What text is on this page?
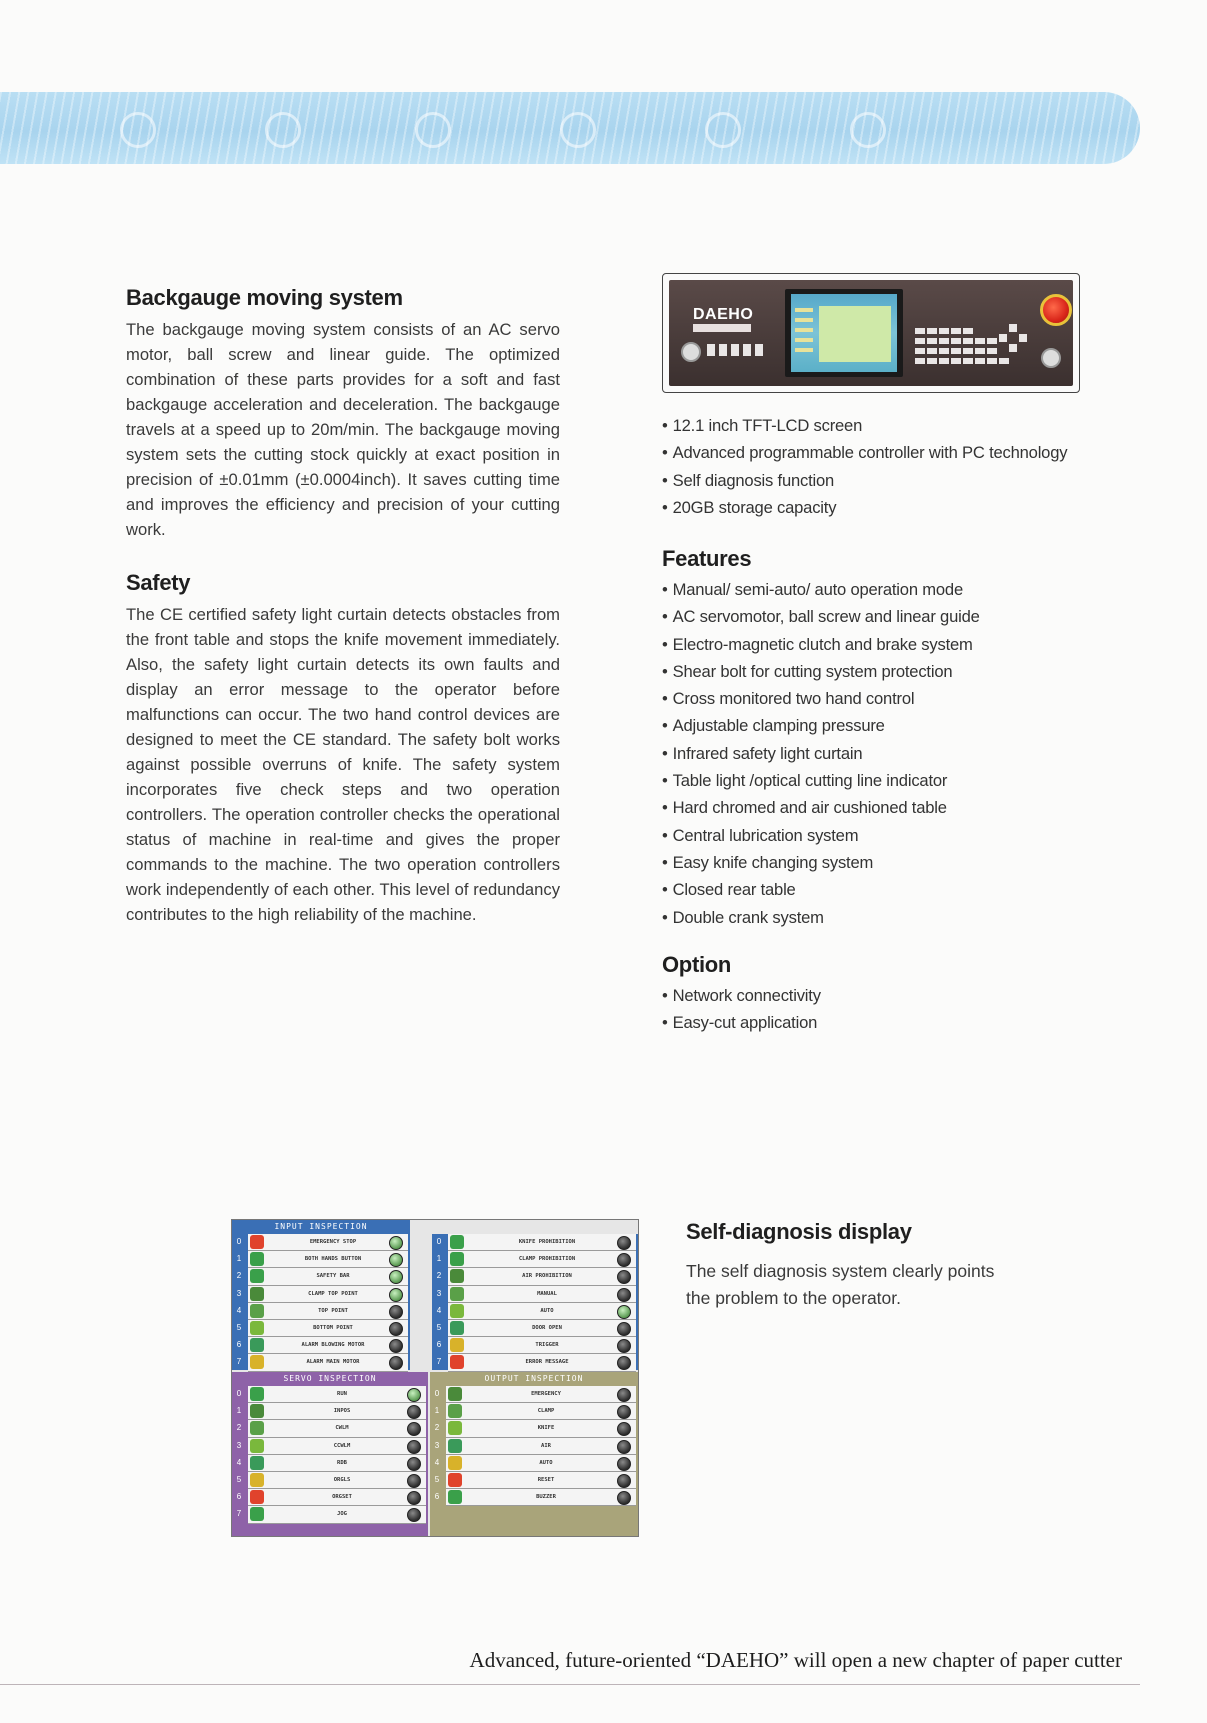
Backgauge moving system

The backgauge moving system consists of an AC servo motor, ball screw and linear guide. The optimized combination of these parts provides for a soft and fast backgauge acceleration and deceleration. The backgauge travels at a speed up to 20m/min. The backgauge moving system sets the cutting stock quickly at exact position in precision of ±0.01mm (±0.0004inch). It saves cutting time and improves the efficiency and precision of your cutting work.

Safety

The CE certified safety light curtain detects obstacles from the front table and stops the knife movement immediately. Also, the safety light curtain detects its own faults and display an error message to the operator before malfunctions can occur. The two hand control devices are designed to meet the CE standard. The safety bolt works against possible overruns of knife. The safety system incorporates five check steps and two operation controllers. The operation controller checks the operational status of machine in real-time and gives the proper commands to the machine. The two operation controllers work independently of each other. This level of redundancy contributes to the high reliability of the machine.

DAEHO
• 12.1 inch TFT-LCD screen
• Advanced programmable controller with PC technology
• Self diagnosis function
• 20GB storage capacity
Features
• Manual/ semi-auto/ auto operation mode
• AC servomotor, ball screw and linear guide
• Electro-magnetic clutch and brake system
• Shear bolt for cutting system protection
• Cross monitored two hand control
• Adjustable clamping pressure
• Infrared safety light curtain
• Table light /optical cutting line indicator
• Hard chromed and air cushioned table
• Central lubrication system
• Easy knife changing system
• Closed rear table
• Double crank system
Option
• Network connectivity
• Easy-cut application
INPUT INSPECTION
0	EMERGENCY STOP
1	BOTH HANDS BUTTON
2	SAFETY BAR
3	CLAMP TOP POINT
4	TOP POINT
5	BOTTOM POINT
6	ALARM BLOWING MOTOR
7	ALARM MAIN MOTOR
0	KNIFE PROHIBITION
1	CLAMP PROHIBITION
2	AIR PROHIBITION
3	MANUAL
4	AUTO
5	DOOR OPEN
6	TRIGGER
7	ERROR MESSAGE
SERVO INSPECTION
0	RUN
1	INPOS
2	CWLM
3	CCWLM
4	RDB
5	ORGLS
6	ORGSET
7	JOG
OUTPUT INSPECTION
0	EMERGENCY
1	CLAMP
2	KNIFE
3	AIR
4	AUTO
5	RESET
6	BUZZER
Self-diagnosis display

The self diagnosis system clearly points the problem to the operator.

Advanced, future-oriented “DAEHO” will open a new chapter of paper cutter
